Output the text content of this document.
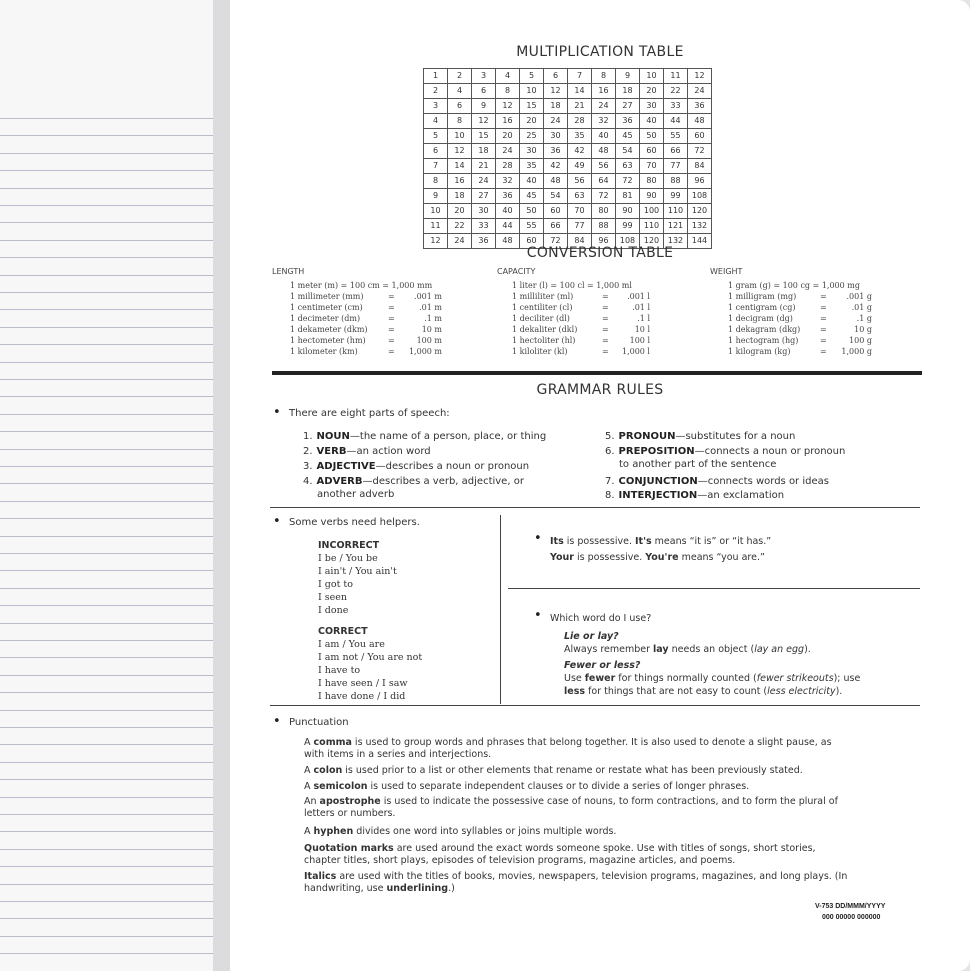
MULTIPLICATION TABLE
1	2	3	4	5	6	7	8	9	10	11	12
2	4	6	8	10	12	14	16	18	20	22	24
3	6	9	12	15	18	21	24	27	30	33	36
4	8	12	16	20	24	28	32	36	40	44	48
5	10	15	20	25	30	35	40	45	50	55	60
6	12	18	24	30	36	42	48	54	60	66	72
7	14	21	28	35	42	49	56	63	70	77	84
8	16	24	32	40	48	56	64	72	80	88	96
9	18	27	36	45	54	63	72	81	90	99	108
10	20	30	40	50	60	70	80	90	100	110	120
11	22	33	44	55	66	77	88	99	110	121	132
12	24	36	48	60	72	84	96	108	120	132	144
CONVERSION TABLE
LENGTH	CAPACITY	WEIGHT
1 meter (m) = 100 cm = 1,000 mm
1 millimeter (mm)	= .001 m
1 centimeter (cm)	=	.01 m
1 decimeter (dm)	=	.1 m
1 dekameter (dkm)	=	10 m
1 hectometer (hm)	=	100 m
1 kilometer (km)	= 1,000 m
1 liter (l) = 100 cl = 1,000 ml
1 milliliter (ml)	= .001 l
1 centiliter (cl)	=	.01 l
1 deciliter (dl)	=	.1 l
1 dekaliter (dkl)	=	10 l
1 hectoliter (hl)	=	100 l
1 kiloliter (kl)	= 1,000 l
1 gram (g) = 100 cg = 1,000 mg
1 milligram (mg)	= .001 g
1 centigram (cg)	=	.01 g
1 decigram (dg)	=	.1 g
1 dekagram (dkg) =	10 g
1 hectogram (hg)	=	100 g
1 kilogram (kg)	= 1,000 g
GRAMMAR RULES
• There are eight parts of speech:
1. NOUN—the name of a person, place, or thing
2. VERB—an action word
3. ADJECTIVE—describes a noun or pronoun
4. ADVERB—describes a verb, adjective, or
another adverb
5. PRONOUN—substitutes for a noun
6. PREPOSITION—connects a noun or pronoun
to another part of the sentence
7. CONJUNCTION—connects words or ideas
8. INTERJECTION—an exclamation
• Some verbs need helpers.
INCORRECT
I be / You be
I ain't / You ain't
I got to
I seen
I done
CORRECT
I am / You are
I am not / You are not
I have to
I have seen / I saw
I have done / I did
• Its is possessive. It's means “it is” or “it has.”
Your is possessive. You're means “you are.”
• Which word do I use?
Lie or lay?
Always remember lay needs an object (lay an egg).
Fewer or less?
Use fewer for things normally counted (fewer strikeouts); use
less for things that are not easy to count (less electricity).
• Punctuation
A comma is used to group words and phrases that belong together. It is also used to denote a slight pause, as with items in a series and interjections.
A colon is used prior to a list or other elements that rename or restate what has been previously stated.
A semicolon is used to separate independent clauses or to divide a series of longer phrases.
An apostrophe is used to indicate the possessive case of nouns, to form contractions, and to form the plural of letters or numbers.
A hyphen divides one word into syllables or joins multiple words.
Quotation marks are used around the exact words someone spoke. Use with titles of songs, short stories, chapter titles, short plays, episodes of television programs, magazine articles, and poems.
Italics are used with the titles of books, movies, newspapers, television programs, magazines, and long plays. (In handwriting, use underlining.)
V-753 DD/MMM/YYYY
000 00000 000000
